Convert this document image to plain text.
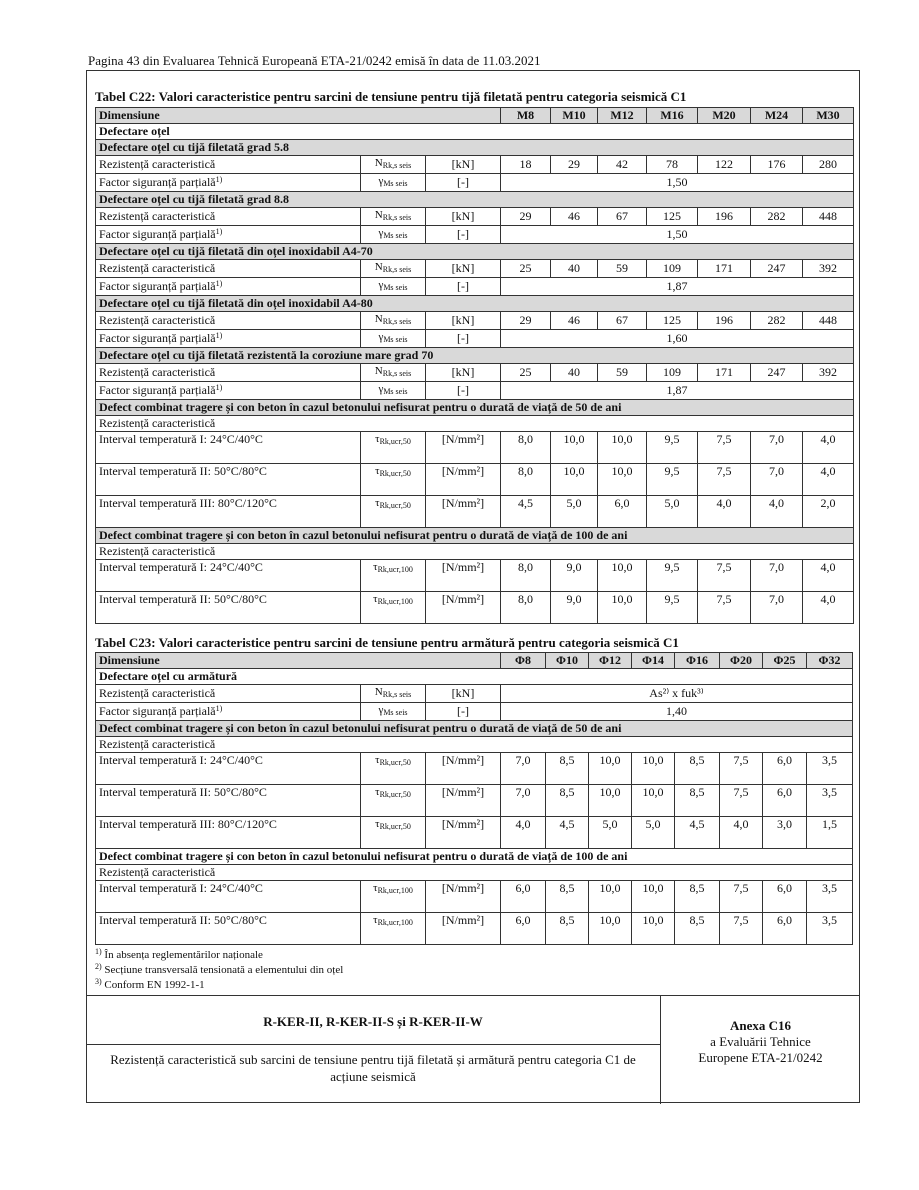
Pagina 43 din Evaluarea Tehnică Europeană ETA-21/0242 emisă în data de 11.03.2021
Tabel C22: Valori caracteristice pentru sarcini de tensiune pentru tijă filetată pentru categoria seismică C1
Dimensiune			M8	M10	M12	M16	M20	M24	M30
Defectare oțel									
Defectare oțel cu tijă filetată grad 5.8									
Rezistență caracteristică	$N_{Rk,s seis}$	[kN]	18	29	42	78	122	176	280
Factor siguranță parțială$^{1)}$	$\gamma_{Ms seis}$	[-]	1,50						
Defectare oțel cu tijă filetată grad 8.8									
Rezistență caracteristică	$N_{Rk,s seis}$	[kN]	29	46	67	125	196	282	448
Factor siguranță parțială$^{1)}$	$\gamma_{Ms seis}$	[-]	1,50						
Defectare oțel cu tijă filetată din oțel inoxidabil A4-70									
Rezistență caracteristică	$N_{Rk,s seis}$	[kN]	25	40	59	109	171	247	392
Factor siguranță parțială$^{1)}$	$\gamma_{Ms seis}$	[-]	1,87						
Defectare oțel cu tijă filetată din oțel inoxidabil A4-80									
Rezistență caracteristică	$N_{Rk,s seis}$	[kN]	29	46	67	125	196	282	448
Factor siguranță parțială$^{1)}$	$\gamma_{Ms seis}$	[-]	1,60						
Defectare oțel cu tijă filetată rezistentă la coroziune mare grad 70									
Rezistență caracteristică	$N_{Rk,s seis}$	[kN]	25	40	59	109	171	247	392
Factor siguranță parțială$^{1)}$	$\gamma_{Ms seis}$	[-]	1,87						
Defect combinat tragere și con beton în cazul betonului nefisurat pentru o durată de viață de 50 de ani									
Rezistență caracteristică									
Interval temperatură I: 24°C/40°C	$\tau_{Rk,ucr,50}$	[N/mm²]	8,0	10,0	10,0	9,5	7,5	7,0	4,0
Interval temperatură II: 50°C/80°C	$\tau_{Rk,ucr,50}$	[N/mm²]	8,0	10,0	10,0	9,5	7,5	7,0	4,0
Interval temperatură III: 80°C/120°C	$\tau_{Rk,ucr,50}$	[N/mm²]	4,5	5,0	6,0	5,0	4,0	4,0	2,0
Defect combinat tragere și con beton în cazul betonului nefisurat pentru o durată de viață de 100 de ani									
Rezistență caracteristică									
Interval temperatură I: 24°C/40°C	$\tau_{Rk,ucr,100}$	[N/mm²]	8,0	9,0	10,0	9,5	7,5	7,0	4,0
Interval temperatură II: 50°C/80°C	$\tau_{Rk,ucr,100}$	[N/mm²]	8,0	9,0	10,0	9,5	7,5	7,0	4,0
Tabel C23: Valori caracteristice pentru sarcini de tensiune pentru armătură pentru categoria seismică C1
Dimensiune			Φ8	Φ10	Φ12	Φ14	Φ16	Φ20	Φ25	Φ32
Defectare oțel cu armătură										
Rezistență caracteristică	$N_{Rk,s seis}$	[kN]	As²⁾ x fuk³⁾							
Factor siguranță parțială$^{1)}$	$\gamma_{Ms seis}$	[-]	1,40							
Defect combinat tragere și con beton în cazul betonului nefisurat pentru o durată de viață de 50 de ani										
Rezistență caracteristică										
Interval temperatură I: 24°C/40°C	$\tau_{Rk,ucr,50}$	[N/mm²]	7,0	8,5	10,0	10,0	8,5	7,5	6,0	3,5
Interval temperatură II: 50°C/80°C	$\tau_{Rk,ucr,50}$	[N/mm²]	7,0	8,5	10,0	10,0	8,5	7,5	6,0	3,5
Interval temperatură III: 80°C/120°C	$\tau_{Rk,ucr,50}$	[N/mm²]	4,0	4,5	5,0	5,0	4,5	4,0	3,0	1,5
Defect combinat tragere și con beton în cazul betonului nefisurat pentru o durată de viață de 100 de ani										
Rezistență caracteristică										
Interval temperatură I: 24°C/40°C	$\tau_{Rk,ucr,100}$	[N/mm²]	6,0	8,5	10,0	10,0	8,5	7,5	6,0	3,5
Interval temperatură II: 50°C/80°C	$\tau_{Rk,ucr,100}$	[N/mm²]	6,0	8,5	10,0	10,0	8,5	7,5	6,0	3,5
$^{1)}$ În absența reglementărilor naționale
$^{2)}$ Secțiune transversală tensionată a elementului din oțel
$^{3)}$ Conform EN 1992-1-1
R-KER-II, R-KER-II-S și R-KER-II-W
Rezistență caracteristică sub sarcini de tensiune pentru tijă filetată și armătură pentru categoria C1 de acțiune seismică
Anexa C16
a Evaluării Tehnice
Europene ETA-21/0242
